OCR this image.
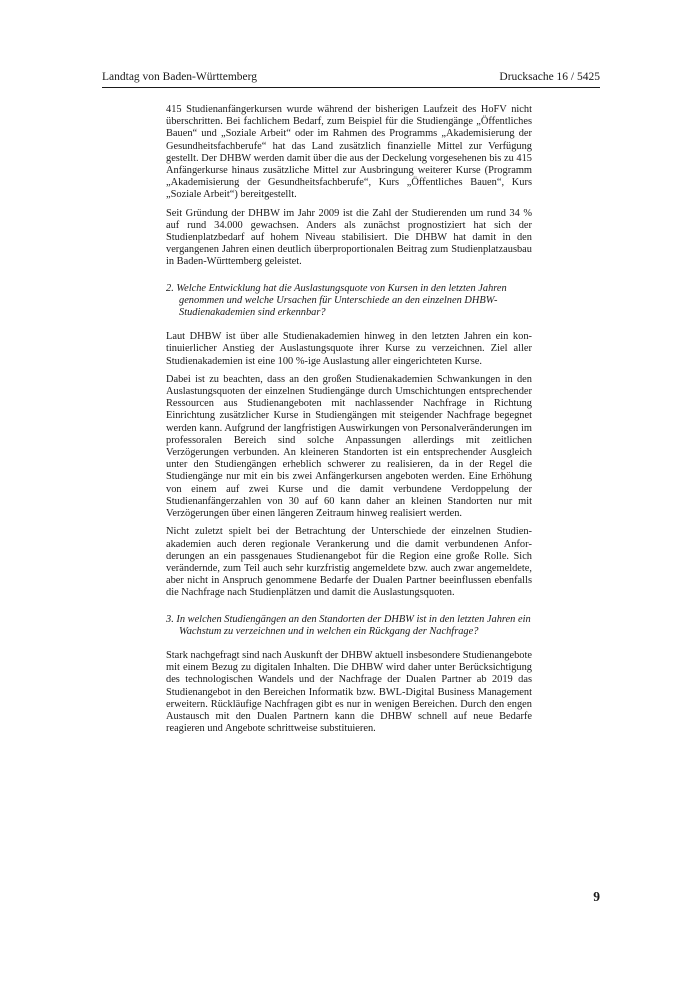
Landtag von Baden-Württemberg	Drucksache 16 / 5425

415 Studienanfängerkursen wurde während der bisherigen Laufzeit des HoFV nicht überschritten. Bei fachlichem Bedarf, zum Beispiel für die Studiengänge „Öffentliches Bauen“ und „Soziale Arbeit“ oder im Rahmen des Programms „Akademisierung der Gesundheitsfachberufe“ hat das Land zusätzlich finanzielle Mittel zur Verfügung gestellt. Der DHBW werden damit über die aus der Deckelung vorgesehenen bis zu 415 Anfängerkurse hinaus zusätzliche Mittel zur Ausbringung weiterer Kurse (Programm „Akademisierung der Gesundheitsfachberufe“, Kurs „Öffentliches Bauen“, Kurs „Soziale Arbeit“) bereitgestellt.

Seit Gründung der DHBW im Jahr 2009 ist die Zahl der Studierenden um rund 34 % auf rund 34.000 gewachsen. Anders als zunächst prognostiziert hat sich der Studienplatzbedarf auf hohem Niveau stabilisiert. Die DHBW hat damit in den vergangenen Jahren einen deutlich überproportionalen Beitrag zum Studienplatzausbau in Baden-Württemberg geleistet.

2. Welche Entwicklung hat die Auslastungsquote von Kursen in den letzten Jahren genommen und welche Ursachen für Unterschiede an den einzelnen DHBW-Studienakademien sind erkennbar?

Laut DHBW ist über alle Studienakademien hinweg in den letzten Jahren ein kontinuierlicher Anstieg der Auslastungsquote ihrer Kurse zu verzeichnen. Ziel aller Studienakademien ist eine 100 %-ige Auslastung aller eingerichteten Kurse.

Dabei ist zu beachten, dass an den großen Studienakademien Schwankungen in den Auslastungsquoten der einzelnen Studiengänge durch Umschichtungen entsprechender Ressourcen aus Studienangeboten mit nachlassender Nachfrage in Richtung Einrichtung zusätzlicher Kurse in Studiengängen mit steigender Nachfrage begegnet werden kann. Aufgrund der langfristigen Auswirkungen von Personalveränderungen im professoralen Bereich sind solche Anpassungen allerdings mit zeitlichen Verzögerungen verbunden. An kleineren Standorten ist ein entsprechender Ausgleich unter den Studiengängen erheblich schwerer zu realisieren, da in der Regel die Studiengänge nur mit ein bis zwei Anfängerkursen angeboten werden. Eine Erhöhung von einem auf zwei Kurse und die damit verbundene Verdoppelung der Studienanfängerzahlen von 30 auf 60 kann daher an kleinen Standorten nur mit Verzögerungen über einen längeren Zeitraum hinweg realisiert werden.

Nicht zuletzt spielt bei der Betrachtung der Unterschiede der einzelnen Studienakademien auch deren regionale Verankerung und die damit verbundenen Anforderungen an ein passgenaues Studienangebot für die Region eine große Rolle. Sich verändernde, zum Teil auch sehr kurzfristig angemeldete bzw. auch zwar angemeldete, aber nicht in Anspruch genommene Bedarfe der Dualen Partner beeinflussen ebenfalls die Nachfrage nach Studienplätzen und damit die Auslastungsquoten.

3. In welchen Studiengängen an den Standorten der DHBW ist in den letzten Jahren ein Wachstum zu verzeichnen und in welchen ein Rückgang der Nachfrage?

Stark nachgefragt sind nach Auskunft der DHBW aktuell insbesondere Studienangebote mit einem Bezug zu digitalen Inhalten. Die DHBW wird daher unter Berücksichtigung des technologischen Wandels und der Nachfrage der Dualen Partner ab 2019 das Studienangebot in den Bereichen Informatik bzw. BWL-Digital Business Management erweitern. Rückläufige Nachfragen gibt es nur in wenigen Bereichen. Durch den engen Austausch mit den Dualen Partnern kann die DHBW schnell auf neue Bedarfe reagieren und Angebote schrittweise substituieren.

9
